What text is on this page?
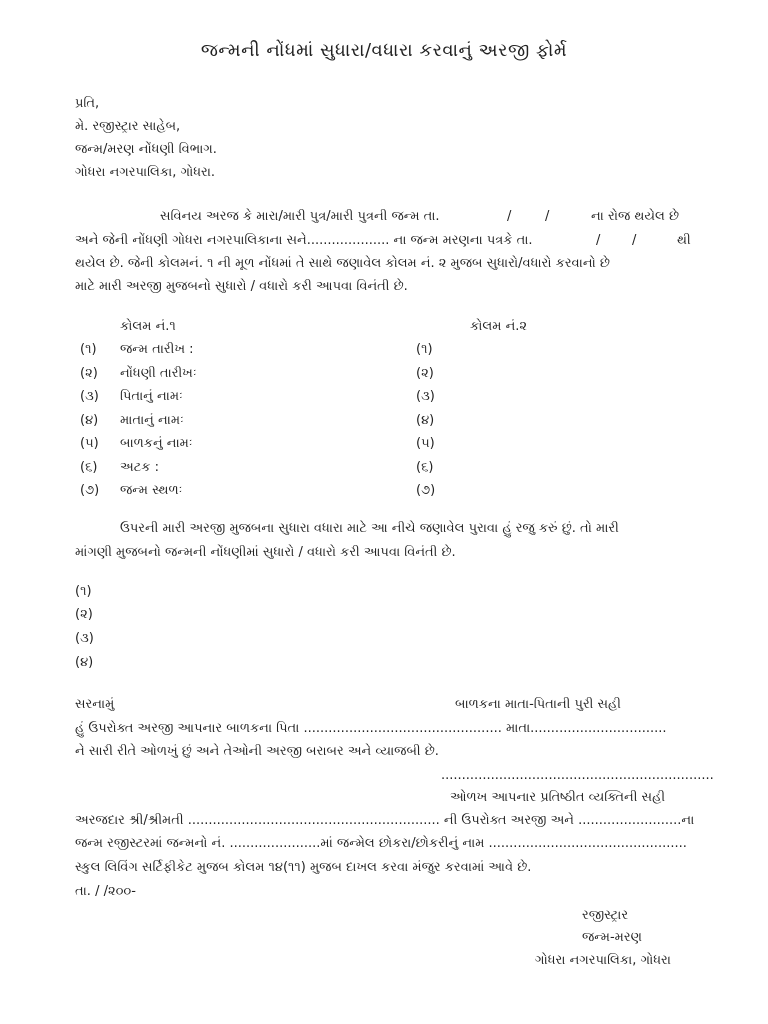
જન્મની નોંધમાં સુધારા/વધારા કરવાનું અરજી ફોર્મ
પ્રતિ,
મે. રજીસ્ટ્રાર સાહેબ,
જન્મ/મરણ નોંધણી વિભાગ.
ગોધરા નગરપાલિકા, ગોધરા.
સવિનય અરજ કે મારા/મારી પુત્ર/મારી પુત્રની જન્મ તા.	/	/	ના રોજ થયેલ છે
અને જેની નોંધણી ગોધરા નગરપાલિકાના સને.................... ના જન્મ મરણના પત્રકે તા.	/ /	થી
થયેલ છે. જેની કોલમનં. ૧ ની મૂળ નોંધમાં તે સાથે જણાવેલ કોલમ નં. ૨ મુજબ સુધારો/વધારો કરવાનો છે
માટે મારી અરજી મુજબનો સુધારો / વધારો કરી આપવા વિનંતી છે.
કોલમ નં.૧	કોલમ નં.૨
(૧) જન્મ તારીખ :	(૧)
(૨) નોંધણી તારીખઃ	(૨)
(૩) પિતાનું નામઃ	(૩)
(૪) માતાનું નામઃ	(૪)
(૫) બાળકનું નામઃ	(૫)
(૬) અટક :	(૬)
(૭) જન્મ સ્થળઃ	(૭)
ઉપરની મારી અરજી મુજબના સુધારા વધારા માટે આ નીચે જણાવેલ પુરાવા હું રજુ કરું છું. તો મારી
માંગણી મુજબનો જન્મની નોંધણીમાં સુધારો / વધારો કરી આપવા વિનંતી છે.
(૧)
(૨)
(૩)
(૪)
સરનામું	બાળકના માતા-પિતાની પુરી સહી
હું ઉપરોક્ત અરજી આપનાર બાળકના પિતા ................................................ માતા.................................
ને સારી રીતે ઓળખું છું અને તેઓની અરજી બરાબર અને વ્યાજબી છે.
..................................................................
ઓળખ આપનાર પ્રતિષ્ઠીત વ્યક્તિની સહી
અરજદાર શ્રી/શ્રીમતી ............................................................. ની ઉપરોક્ત અરજી અને .........................ના
જન્મ રજીસ્ટરમાં જન્મનો નં. ......................માં જન્મેલ છોકરા/છોકરીનું નામ ................................................
સ્કુલ લિવિંગ સર્ટિફીકેટ મુજબ કોલમ ૧૪(૧૧) મુજબ દાખલ કરવા મંજુર કરવામાં આવે છે.
તા. / /૨૦૦-
રજીસ્ટ્રાર
જન્મ-મરણ
ગોધરા નગરપાલિકા, ગોધરા
